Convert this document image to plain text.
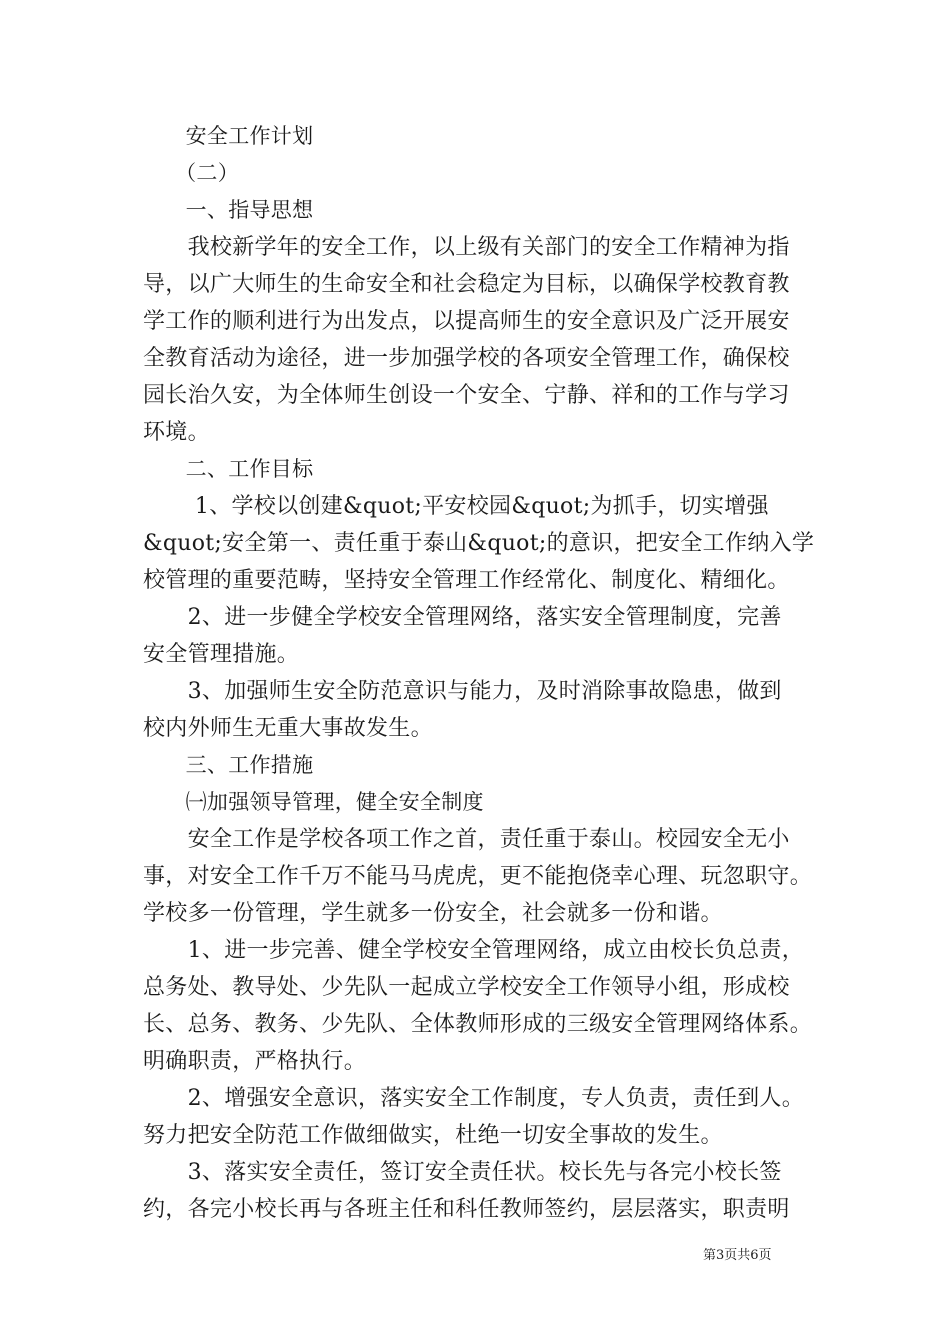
　　安全工作计划

　　（二）

　　一、指导思想

　　我校新学年的安全工作，以上级有关部门的安全工作精神为指

导，以广大师生的生命安全和社会稳定为目标，以确保学校教育教

学工作的顺利进行为出发点，以提高师生的安全意识及广泛开展安

全教育活动为途径，进一步加强学校的各项安全管理工作，确保校

园长治久安，为全体师生创设一个安全、宁静、祥和的工作与学习

环境。

　　二、工作目标

　　 1、学校以创建&quot;平安校园&quot;为抓手，切实增强

&quot;安全第一、责任重于泰山&quot;的意识，把安全工作纳入学

校管理的重要范畴，坚持安全管理工作经常化、制度化、精细化。

　　2、进一步健全学校安全管理网络，落实安全管理制度，完善

安全管理措施。

　　3、加强师生安全防范意识与能力，及时消除事故隐患，做到

校内外师生无重大事故发生。

　　三、工作措施

　　㈠加强领导管理，健全安全制度

　　安全工作是学校各项工作之首，责任重于泰山。校园安全无小

事，对安全工作千万不能马马虎虎，更不能抱侥幸心理、玩忽职守。

学校多一份管理，学生就多一份安全，社会就多一份和谐。

　　1、进一步完善、健全学校安全管理网络，成立由校长负总责，

总务处、教导处、少先队一起成立学校安全工作领导小组，形成校

长、总务、教务、少先队、全体教师形成的三级安全管理网络体系。

明确职责，严格执行。

　　2、增强安全意识，落实安全工作制度，专人负责，责任到人。

努力把安全防范工作做细做实，杜绝一切安全事故的发生。

　　3、落实安全责任，签订安全责任状。校长先与各完小校长签

约，各完小校长再与各班主任和科任教师签约，层层落实，职责明

第3页共6页
